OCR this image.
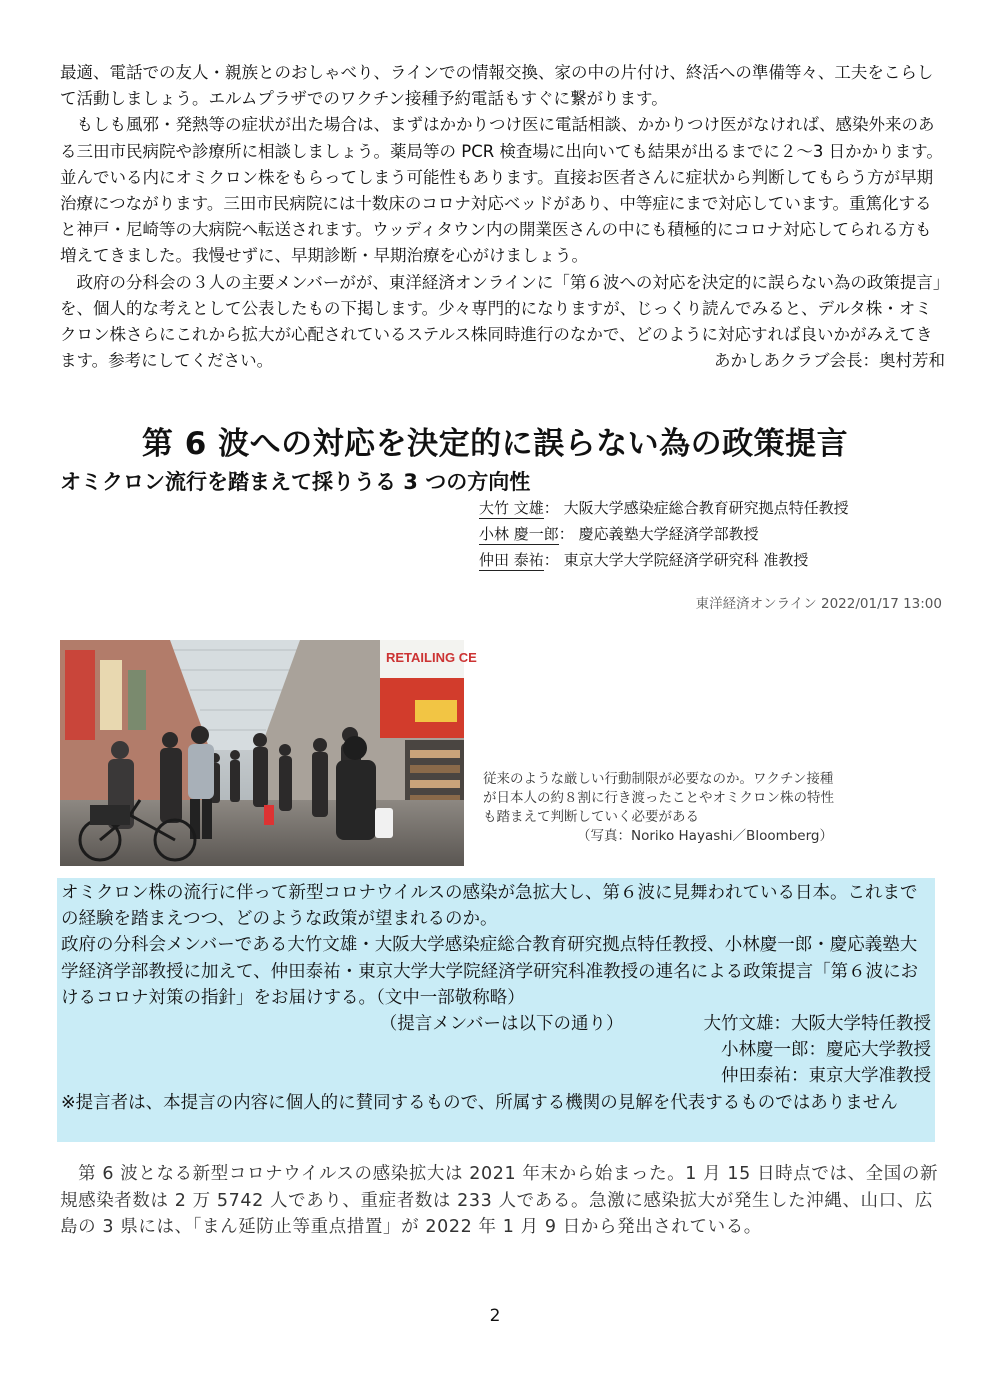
最適、電話での友人・親族とのおしゃべり、ラインでの情報交換、家の中の片付け、終活への準備等々、工夫をこらして活動しましょう。エルムプラザでのワクチン接種予約電話もすぐに繋がります。

もしも風邪・発熱等の症状が出た場合は、まずはかかりつけ医に電話相談、かかりつけ医がなければ、感染外来のある三田市民病院や診療所に相談しましょう。薬局等の PCR 検査場に出向いても結果が出るまでに２〜3 日かかります。並んでいる内にオミクロン株をもらってしまう可能性もあります。直接お医者さんに症状から判断してもらう方が早期治療につながります。三田市民病院には十数床のコロナ対応ベッドがあり、中等症にまで対応しています。重篤化すると神戸・尼崎等の大病院へ転送されます。ウッディタウン内の開業医さんの中にも積極的にコロナ対応してられる方も増えてきました。我慢せずに、早期診断・早期治療を心がけましょう。

政府の分科会の３人の主要メンバーがが、東洋経済オンラインに「第６波への対応を決定的に誤らない為の政策提言」を、個人的な考えとして公表したもの下掲します。少々専門的になりますが、じっくり読んでみると、デルタ株・オミクロン株さらにこれから拡大が心配されているステルス株同時進行のなかで、どのように対応すれば良いかがみえてきます。参考にしてください。	あかしあクラブ会長：奥村芳和

第 6 波への対応を決定的に誤らない為の政策提言
オミクロン流行を踏まえて採りうる 3 つの方向性
大竹 文雄： 大阪大学感染症総合教育研究拠点特任教授
小林 慶一郎： 慶応義塾大学経済学部教授
仲田 泰祐： 東京大学大学院経済学研究科 准教授
東洋経済オンライン 2022/01/17 13:00
RETAILING CE

従来のような厳しい行動制限が必要なのか。ワクチン接種が日本人の約８割に行き渡ったことやオミクロン株の特性も踏まえて判断していく必要がある
（写真：Noriko Hayashi／Bloomberg）

オミクロン株の流行に伴って新型コロナウイルスの感染が急拡大し、第６波に見舞われている日本。これまでの経験を踏まえつつ、どのような政策が望まれるのか。

政府の分科会メンバーである大竹文雄・大阪大学感染症総合教育研究拠点特任教授、小林慶一郎・慶応義塾大学経済学部教授に加えて、仲田泰祐・東京大学大学院経済学研究科准教授の連名による政策提言「第６波におけるコロナ対策の指針」をお届けする。（文中一部敬称略）

（提言メンバーは以下の通り）	大竹文雄：大阪大学特任教授

小林慶一郎：慶応大学教授

仲田泰祐：東京大学准教授

※提言者は、本提言の内容に個人的に賛同するもので、所属する機関の見解を代表するものではありません

　第 6 波となる新型コロナウイルスの感染拡大は 2021 年末から始まった。1 月 15 日時点では、全国の新規感染者数は 2 万 5742 人であり、重症者数は 233 人である。急激に感染拡大が発生した沖縄、山口、広島の 3 県には、「まん延防止等重点措置」が 2022 年 1 月 9 日から発出されている。

2
